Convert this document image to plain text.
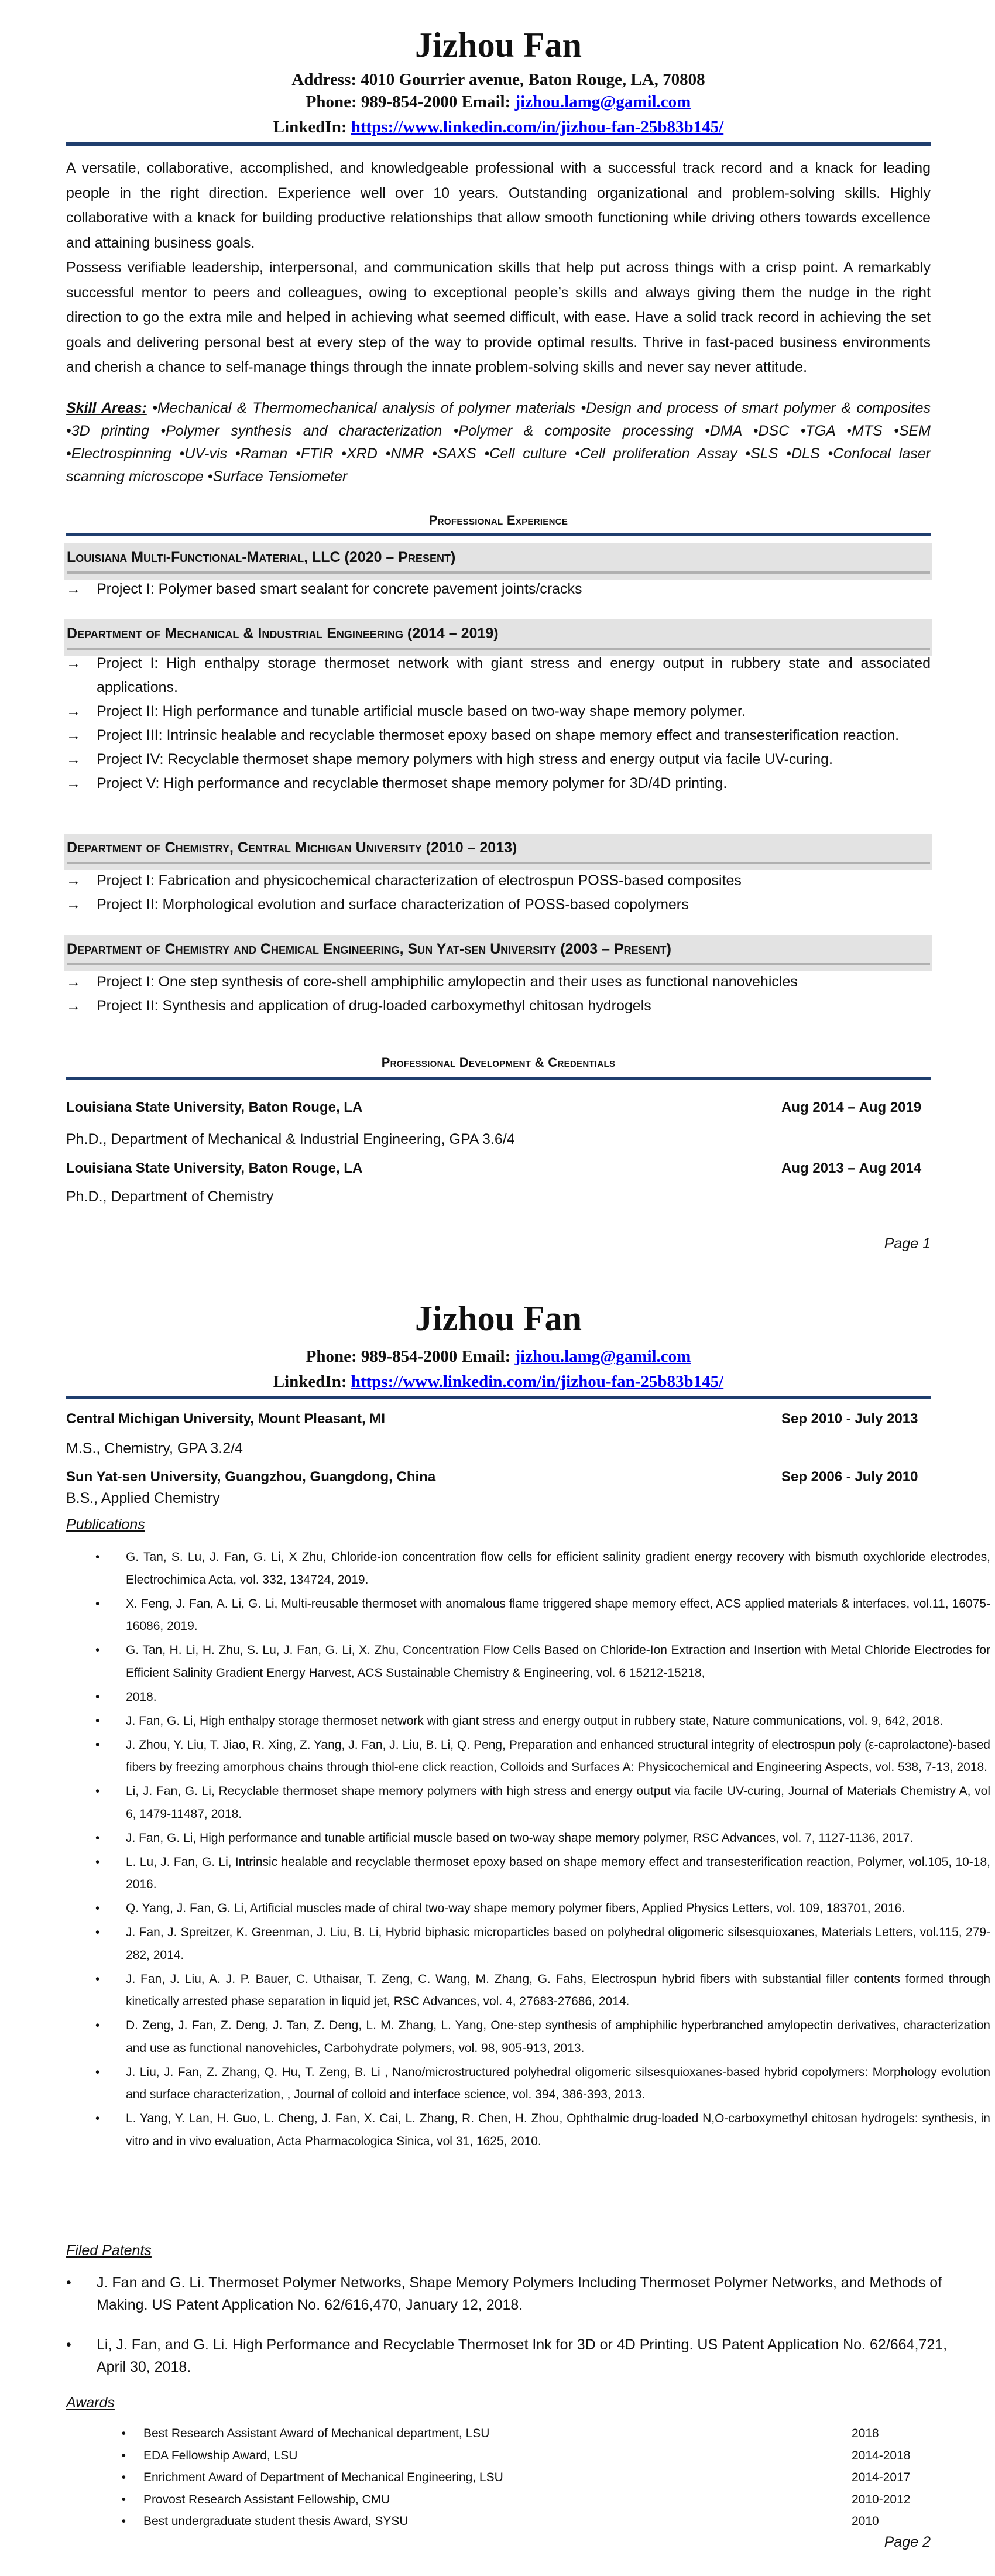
Jizhou Fan
Address: 4010 Gourrier avenue, Baton Rouge, LA, 70808
Phone: 989-854-2000 Email: jizhou.lamg@gamil.com
LinkedIn: https://www.linkedin.com/in/jizhou-fan-25b83b145/

A versatile, collaborative, accomplished, and knowledgeable professional with a successful track record and a knack for leading people in the right direction. Experience well over 10 years. Outstanding organizational and problem-solving skills. Highly collaborative with a knack for building productive relationships that allow smooth functioning while driving others towards excellence and attaining business goals.

Possess verifiable leadership, interpersonal, and communication skills that help put across things with a crisp point. A remarkably successful mentor to peers and colleagues, owing to exceptional people’s skills and always giving them the nudge in the right direction to go the extra mile and helped in achieving what seemed difficult, with ease. Have a solid track record in achieving the set goals and delivering personal best at every step of the way to provide optimal results. Thrive in fast-paced business environments and cherish a chance to self-manage things through the innate problem-solving skills and never say never attitude.

Skill Areas: •Mechanical & Thermomechanical analysis of polymer materials •Design and process of smart polymer & composites •3D printing •Polymer synthesis and characterization •Polymer & composite processing •DMA •DSC •TGA •MTS •SEM •Electrospinning •UV-vis •Raman •FTIR •XRD •NMR •SAXS •Cell culture •Cell proliferation Assay •SLS •DLS •Confocal laser scanning microscope •Surface Tensiometer
Professional Experience
Louisiana Multi-Functional-Material, LLC (2020 – Present)
→ Project I: Polymer based smart sealant for concrete pavement joints/cracks
Department of Mechanical & Industrial Engineering (2014 – 2019)
→ Project I: High enthalpy storage thermoset network with giant stress and energy output in rubbery state and associated applications.
→ Project II: High performance and tunable artificial muscle based on two-way shape memory polymer.
→ Project III: Intrinsic healable and recyclable thermoset epoxy based on shape memory effect and transesterification reaction.
→ Project IV: Recyclable thermoset shape memory polymers with high stress and energy output via facile UV-curing.
→ Project V: High performance and recyclable thermoset shape memory polymer for 3D/4D printing.
Department of Chemistry, Central Michigan University (2010 – 2013)
→ Project I: Fabrication and physicochemical characterization of electrospun POSS-based composites
→ Project II: Morphological evolution and surface characterization of POSS-based copolymers
Department of Chemistry and Chemical Engineering, Sun Yat-sen University (2003 – Present)
→ Project I: One step synthesis of core-shell amphiphilic amylopectin and their uses as functional nanovehicles
→ Project II: Synthesis and application of drug-loaded carboxymethyl chitosan hydrogels
Professional Development & Credentials
Louisiana State University, Baton Rouge, LA	Aug 2014 – Aug 2019
Ph.D., Department of Mechanical & Industrial Engineering, GPA 3.6/4
Louisiana State University, Baton Rouge, LA	Aug 2013 – Aug 2014
Ph.D., Department of Chemistry
Page 1
Jizhou Fan
Phone: 989-854-2000 Email: jizhou.lamg@gamil.com
LinkedIn: https://www.linkedin.com/in/jizhou-fan-25b83b145/
Central Michigan University, Mount Pleasant, MI	Sep 2010 - July 2013
M.S., Chemistry, GPA 3.2/4
Sun Yat-sen University, Guangzhou, Guangdong, China	Sep 2006 - July 2010
B.S., Applied Chemistry
Publications
• G. Tan, S. Lu, J. Fan, G. Li, X Zhu, Chloride-ion concentration flow cells for efficient salinity gradient energy recovery with bismuth oxychloride electrodes, Electrochimica Acta, vol. 332, 134724, 2019.
• X. Feng, J. Fan, A. Li, G. Li, Multi-reusable thermoset with anomalous flame triggered shape memory effect, ACS applied materials & interfaces, vol.11, 16075-16086, 2019.
• G. Tan, H. Li, H. Zhu, S. Lu, J. Fan, G. Li, X. Zhu, Concentration Flow Cells Based on Chloride-Ion Extraction and Insertion with Metal Chloride Electrodes for Efficient Salinity Gradient Energy Harvest, ACS Sustainable Chemistry & Engineering, vol. 6 15212-15218,
• 2018.
• J. Fan, G. Li, High enthalpy storage thermoset network with giant stress and energy output in rubbery state, Nature communications, vol. 9, 642, 2018.
• J. Zhou, Y. Liu, T. Jiao, R. Xing, Z. Yang, J. Fan, J. Liu, B. Li, Q. Peng, Preparation and enhanced structural integrity of electrospun poly (ε-caprolactone)-based fibers by freezing amorphous chains through thiol-ene click reaction, Colloids and Surfaces A: Physicochemical and Engineering Aspects, vol. 538, 7-13, 2018.
• Li, J. Fan, G. Li, Recyclable thermoset shape memory polymers with high stress and energy output via facile UV-curing, Journal of Materials Chemistry A, vol 6, 1479-11487, 2018.
• J. Fan, G. Li, High performance and tunable artificial muscle based on two-way shape memory polymer, RSC Advances, vol. 7, 1127-1136, 2017.
• L. Lu, J. Fan, G. Li, Intrinsic healable and recyclable thermoset epoxy based on shape memory effect and transesterification reaction, Polymer, vol.105, 10-18, 2016.
• Q. Yang, J. Fan, G. Li, Artificial muscles made of chiral two-way shape memory polymer fibers, Applied Physics Letters, vol. 109, 183701, 2016.
• J. Fan, J. Spreitzer, K. Greenman, J. Liu, B. Li, Hybrid biphasic microparticles based on polyhedral oligomeric silsesquioxanes, Materials Letters, vol.115, 279-282, 2014.
• J. Fan, J. Liu, A. J. P. Bauer, C. Uthaisar, T. Zeng, C. Wang, M. Zhang, G. Fahs, Electrospun hybrid fibers with substantial filler contents formed through kinetically arrested phase separation in liquid jet, RSC Advances, vol. 4, 27683-27686, 2014.
• D. Zeng, J. Fan, Z. Deng, J. Tan, Z. Deng, L. M. Zhang, L. Yang, One-step synthesis of amphiphilic hyperbranched amylopectin derivatives, characterization and use as functional nanovehicles, Carbohydrate polymers, vol. 98, 905-913, 2013.
• J. Liu, J. Fan, Z. Zhang, Q. Hu, T. Zeng, B. Li , Nano/microstructured polyhedral oligomeric silsesquioxanes-based hybrid copolymers: Morphology evolution and surface characterization, , Journal of colloid and interface science, vol. 394, 386-393, 2013.
• L. Yang, Y. Lan, H. Guo, L. Cheng, J. Fan, X. Cai, L. Zhang, R. Chen, H. Zhou, Ophthalmic drug-loaded N,O-carboxymethyl chitosan hydrogels: synthesis, in vitro and in vivo evaluation, Acta Pharmacologica Sinica, vol 31, 1625, 2010.
Filed Patents
• J. Fan and G. Li. Thermoset Polymer Networks, Shape Memory Polymers Including Thermoset Polymer Networks, and Methods of Making. US Patent Application No. 62/616,470, January 12, 2018.
• Li, J. Fan, and G. Li. High Performance and Recyclable Thermoset Ink for 3D or 4D Printing. US Patent Application No. 62/664,721, April 30, 2018.
Awards
•	Best Research Assistant Award of Mechanical department, LSU	2018
•	EDA Fellowship Award, LSU	2014-2018
•	Enrichment Award of Department of Mechanical Engineering, LSU	2014-2017
•	Provost Research Assistant Fellowship, CMU	2010-2012
•	Best undergraduate student thesis Award, SYSU	2010
Page 2
